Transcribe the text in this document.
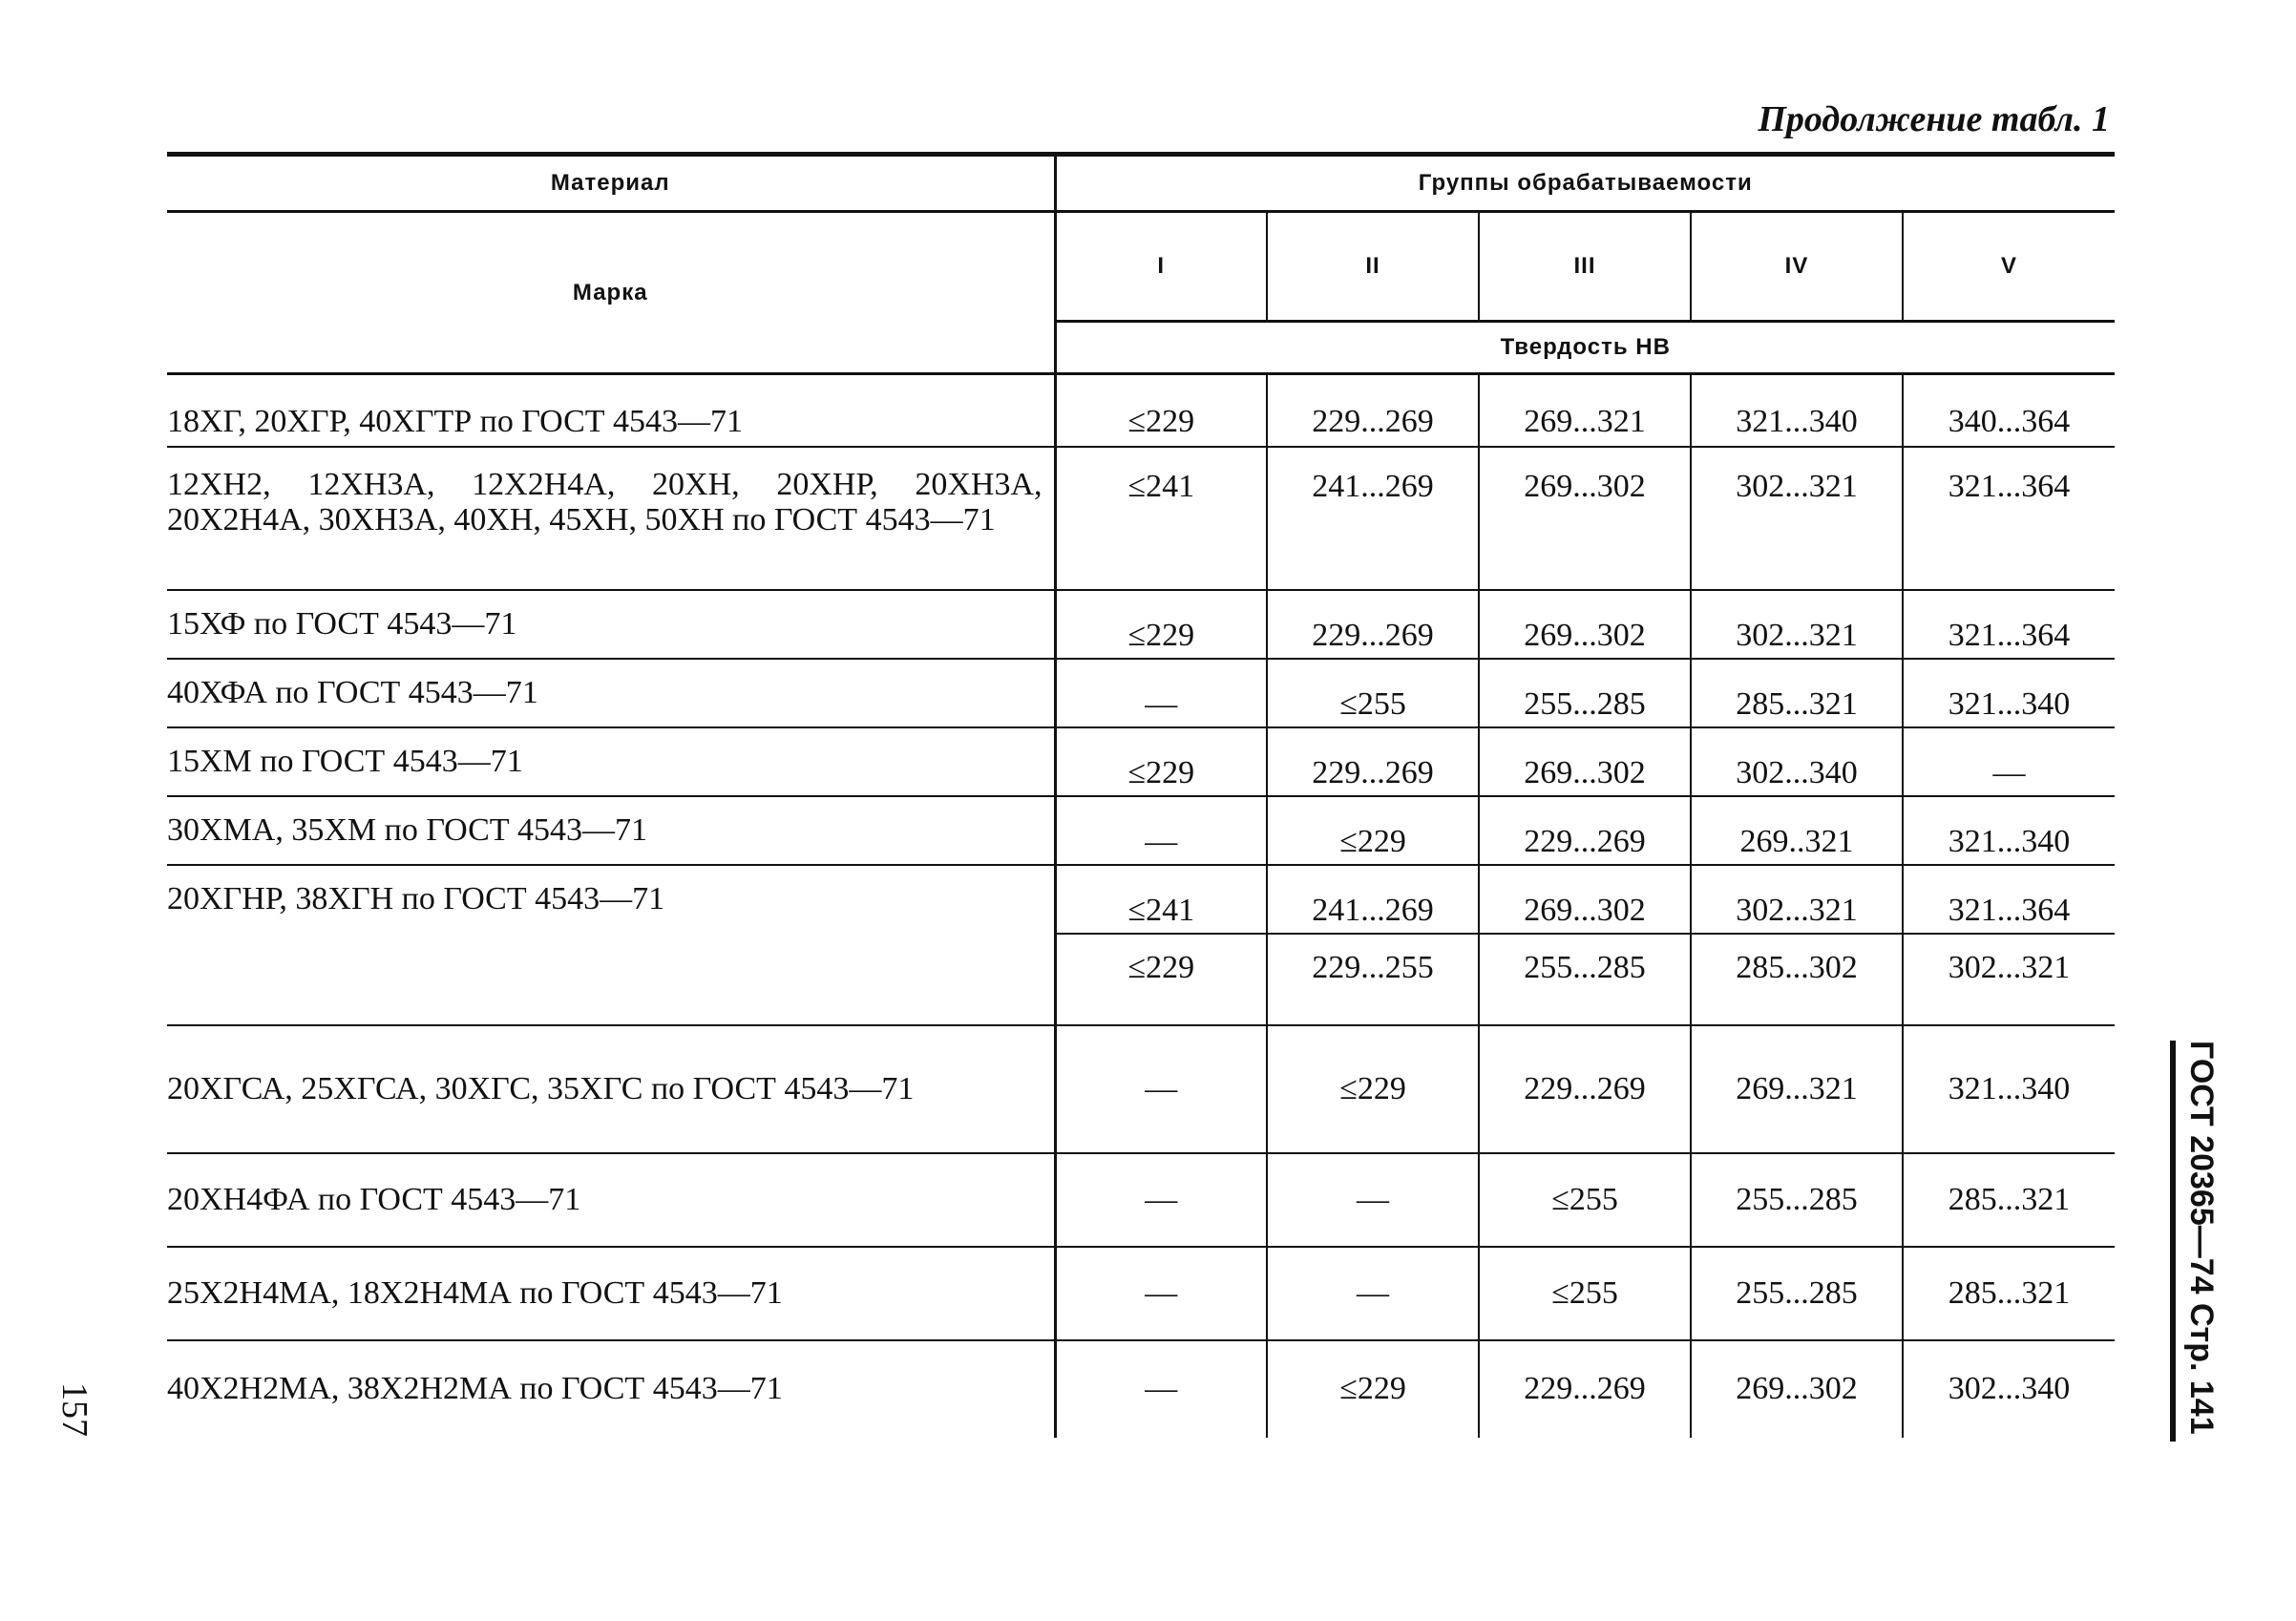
Продолжение табл. 1
Материал	Группы обрабатываемости				
Марка	I	II	III	IV	V
	Твердость НВ				

18ХГ, 20ХГР, 40ХГТР по ГОСТ 4543—71	≤229	229...269	269...321	321...340	340...364

12ХН2, 12ХН3А, 12Х2Н4А, 20ХН, 20ХНР, 20ХН3А, 20Х2Н4А, 30ХН3А, 40ХН, 45ХН, 50ХН по ГОСТ 4543—71	≤241	241...269	269...302	302...321	321...364

15ХФ по ГОСТ 4543—71	≤229	229...269	269...302	302...321	321...364

40ХФА по ГОСТ 4543—71	—	≤255	255...285	285...321	321...340

15ХМ по ГОСТ 4543—71	≤229	229...269	269...302	302...340	—

30ХМА, 35ХМ по ГОСТ 4543—71	—	≤229	229...269	269..321	321...340

20ХГНР, 38ХГН по ГОСТ 4543—71	≤241	241...269	269...302	302...321	321...364

	≤229	229...255	255...285	285...302	302...321

20ХГСА, 25ХГСА, 30ХГС, 35ХГС по ГОСТ 4543—71	—	≤229	229...269	269...321	321...340

20ХН4ФА по ГОСТ 4543—71	—	—	≤255	255...285	285...321

25Х2Н4МА, 18Х2Н4МА по ГОСТ 4543—71	—	—	≤255	255...285	285...321

40Х2Н2МА, 38Х2Н2МА по ГОСТ 4543—71	—	≤229	229...269	269...302	302...340
157	ГОСТ 20365—74 Стр. 141
